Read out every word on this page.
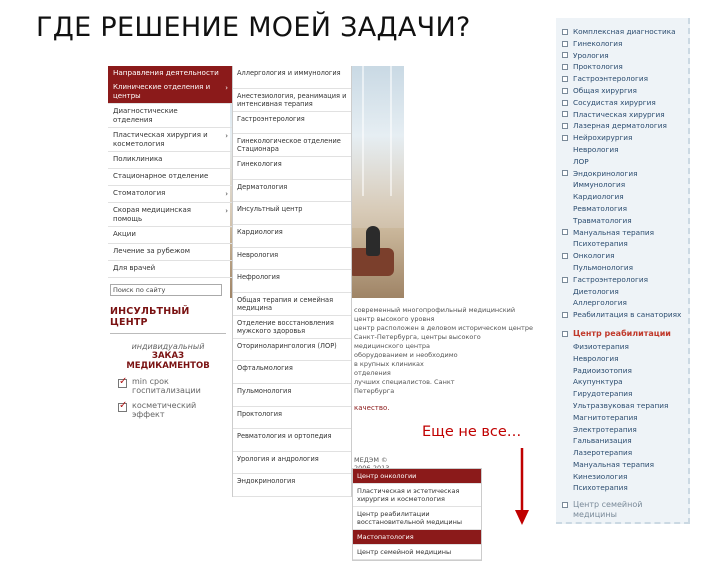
ГДЕ РЕШЕНИЕ МОЕЙ ЗАДАЧИ?
современный многопрофильный медицинский
центр высокого уровня
центр расположен в деловом историческом центре
Санкт-Петербурга, центры высокого
медицинского центра
оборудованием и необходимо
в крупных клиниках
отделения
лучших специалистов. Санкт
Петербурга
качество.
МЕДЭМ ©
Направления деятельности
Клинические отделения и центры
›
Диагностические отделения
Пластическая хирургия и косметология
›
Поликлиника
Стационарное отделение
Стоматология	›
Скорая медицинская помощь
›
Акции
Лечение за рубежом
Для врачей
Поиск по сайту
ИНСУЛЬТНЫЙ ЦЕНТР
индивидуальный
ЗАКАЗ МЕДИКАМЕНТОВ
✓
min срок госпитализации
✓
косметический эффект
Аллергология и иммунология
Анестезиология, реанимация и интенсивная терапия
Гастроэнтерология
Гинекологическое отделение Стационара
Гинекология
Дерматология
Инсультный центр
Кардиология
Неврология
Нефрология
Общая терапия и семейная медицина
Отделение восстановления мужского здоровья
Оториноларингология (ЛОР)
Офтальмология
Пульмонология
Проктология
Ревматология и ортопедия
Урология и андрология
Эндокринология
Центр онкологии
Пластическая и эстетическая хирургия и косметология
Центр реабилитации восстановительной медицины
Мастопатология
Центр семейной медицины
Еще не все…
Комплексная диагностика
Гинекология
Урология
Проктология
Гастроэнтерология
Общая хирургия
Сосудистая хирургия
Пластическая хирургия
Лазерная дерматология
Нейрохирургия
Неврология
ЛОР
Эндокринология
Иммунология
Кардиология
Ревматология
Травматология
Мануальная терапия
Психотерапия
Онкология
Пульмонология
Гастроэнтерология
Диетология
Аллергология
Реабилитация в санаториях
Центр реабилитации
Физиотерапия
Неврология
Радиоизотопия
Акупунктура
Гирудотерапия
Ультразвуковая терапия
Магнитотерапия
Электротерапия
Гальванизация
Лазеротерапия
Мануальная терапия
Кинезиология
Психотерапия
Центр семейной медицины
